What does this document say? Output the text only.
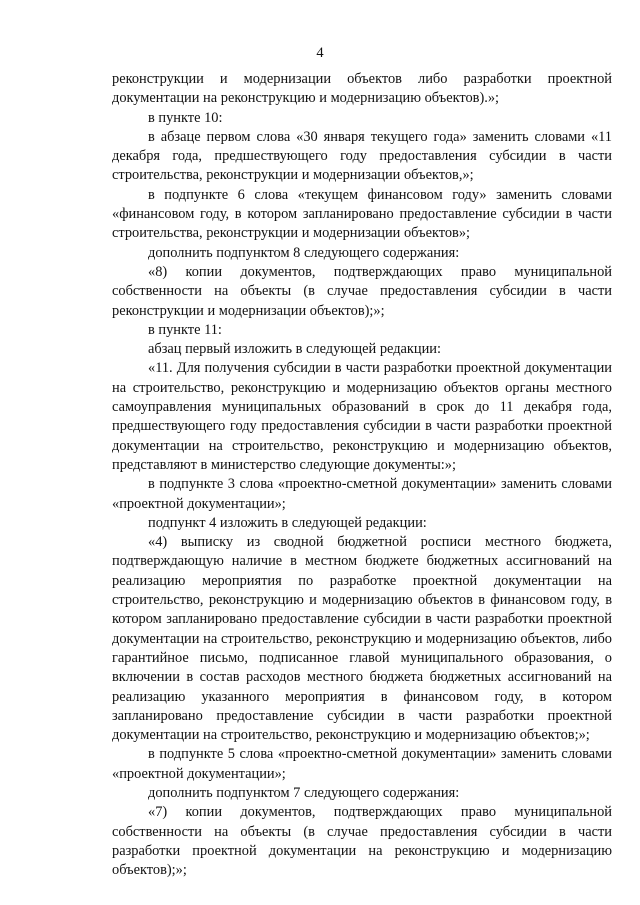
4

реконструкции и модернизации объектов либо разработки проектной документации на реконструкцию и модернизацию объектов).»;

в пункте 10:

в абзаце первом слова «30 января текущего года» заменить словами «11 декабря года, предшествующего году предоставления субсидии в части строительства, реконструкции и модернизации объектов,»;

в подпункте 6 слова «текущем финансовом году» заменить словами «финансовом году, в котором запланировано предоставление субсидии в части строительства, реконструкции и модернизации объектов»;

дополнить подпунктом 8 следующего содержания:

«8) копии документов, подтверждающих право муниципальной собственности на объекты (в случае предоставления субсидии в части реконструкции и модернизации объектов);»;

в пункте 11:

абзац первый изложить в следующей редакции:

«11. Для получения субсидии в части разработки проектной документации на строительство, реконструкцию и модернизацию объектов органы местного самоуправления муниципальных образований в срок до 11 декабря года, предшествующего году предоставления субсидии в части разработки проектной документации на строительство, реконструкцию и модернизацию объектов, представляют в министерство следующие документы:»;

в подпункте 3 слова «проектно-сметной документации» заменить словами «проектной документации»;

подпункт 4 изложить в следующей редакции:

«4) выписку из сводной бюджетной росписи местного бюджета, подтверждающую наличие в местном бюджете бюджетных ассигнований на реализацию мероприятия по разработке проектной документации на строительство, реконструкцию и модернизацию объектов в финансовом году, в котором запланировано предоставление субсидии в части разработки проектной документации на строительство, реконструкцию и модернизацию объектов, либо гарантийное письмо, подписанное главой муниципального образования, о включении в состав расходов местного бюджета бюджетных ассигнований на реализацию указанного мероприятия в финансовом году, в котором запланировано предоставление субсидии в части разработки проектной документации на строительство, реконструкцию и модернизацию объектов;»;

в подпункте 5 слова «проектно-сметной документации» заменить словами «проектной документации»;

дополнить подпунктом 7 следующего содержания:

«7) копии документов, подтверждающих право муниципальной собственности на объекты (в случае предоставления субсидии в части разработки проектной документации на реконструкцию и модернизацию объектов);»;
